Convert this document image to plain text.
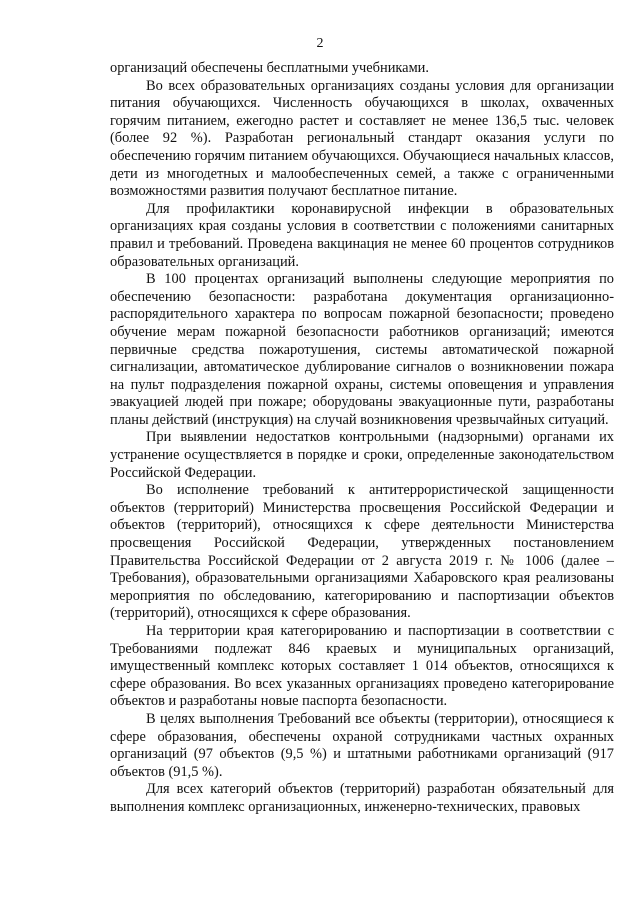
2

организаций обеспечены бесплатными учебниками.

Во всех образовательных организациях созданы условия для организации питания обучающихся. Численность обучающихся в школах, охваченных горячим питанием, ежегодно растет и составляет не менее 136,5 тыс. человек (более 92 %). Разработан региональный стандарт оказания услуги по обеспечению горячим питанием обучающихся. Обучающиеся начальных классов, дети из многодетных и малообеспеченных семей, а также с ограниченными возможностями развития получают бесплатное питание.

Для профилактики коронавирусной инфекции в образовательных организациях края созданы условия в соответствии с положениями санитарных правил и требований. Проведена вакцинация не менее 60 процентов сотрудников образовательных организаций.

В 100 процентах организаций выполнены следующие мероприятия по обеспечению безопасности: разработана документация организационно-распорядительного характера по вопросам пожарной безопасности; проведено обучение мерам пожарной безопасности работников организаций; имеются первичные средства пожаротушения, системы автоматической пожарной сигнализации, автоматическое дублирование сигналов о возникновении пожара на пульт подразделения пожарной охраны, системы оповещения и управления эвакуацией людей при пожаре; оборудованы эвакуационные пути, разработаны планы действий (инструкция) на случай возникновения чрезвычайных ситуаций.

При выявлении недостатков контрольными (надзорными) органами их устранение осуществляется в порядке и сроки, определенные законодательством Российской Федерации.

Во исполнение требований к антитеррористической защищенности объектов (территорий) Министерства просвещения Российской Федерации и объектов (территорий), относящихся к сфере деятельности Министерства просвещения Российской Федерации, утвержденных постановлением Правительства Российской Федерации от 2 августа 2019 г. № 1006 (далее – Требования), образовательными организациями Хабаровского края реализованы мероприятия по обследованию, категорированию и паспортизации объектов (территорий), относящихся к сфере образования.

На территории края категорированию и паспортизации в соответствии с Требованиями подлежат 846 краевых и муниципальных организаций, имущественный комплекс которых составляет 1 014 объектов, относящихся к сфере образования. Во всех указанных организациях проведено категорирование объектов и разработаны новые паспорта безопасности.

В целях выполнения Требований все объекты (территории), относящиеся к сфере образования, обеспечены охраной сотрудниками частных охранных организаций (97 объектов (9,5 %) и штатными работниками организаций (917 объектов (91,5 %).

Для всех категорий объектов (территорий) разработан обязательный для выполнения комплекс организационных, инженерно-технических, правовых
